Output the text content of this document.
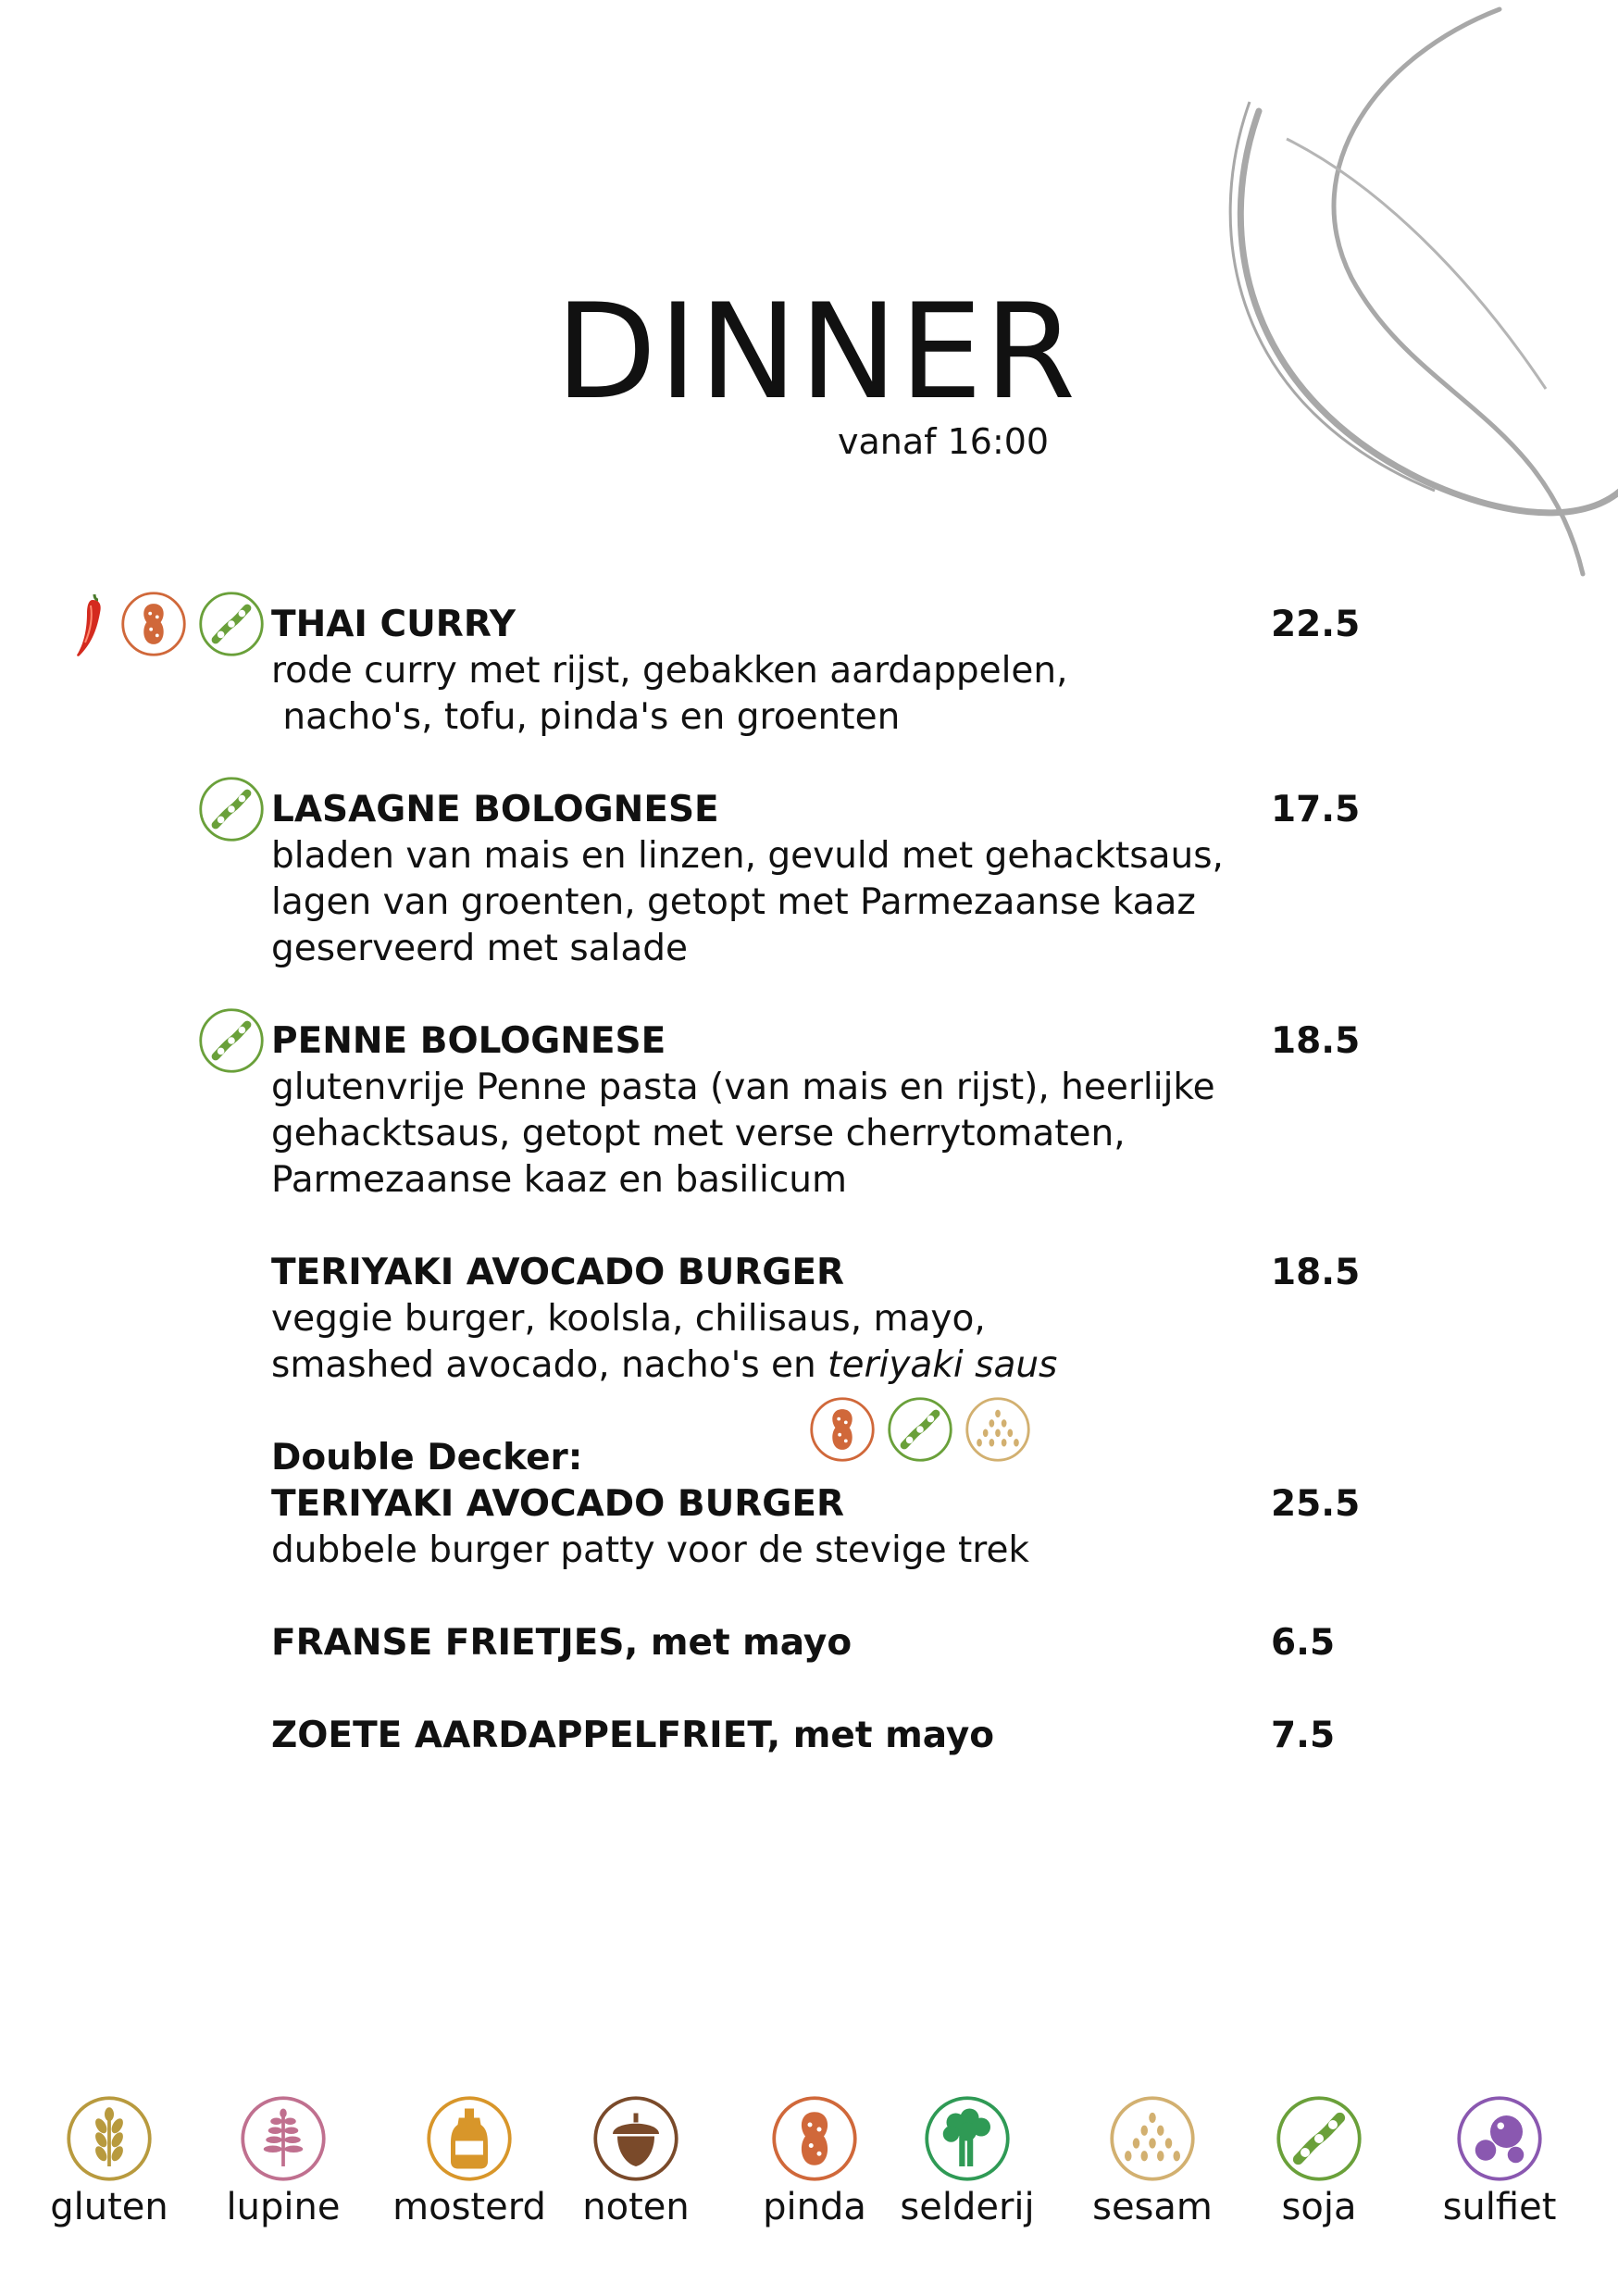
DINNER
vanaf 16:00
THAI CURRY	22.5
rode curry met rijst, gebakken aardappelen,
nacho's, tofu, pinda's en groenten
LASAGNE BOLOGNESE	17.5
bladen van mais en linzen, gevuld met gehacktsaus,
lagen van groenten, getopt met Parmezaanse kaaz
geserveerd met salade
PENNE BOLOGNESE	18.5
glutenvrije Penne pasta (van mais en rijst), heerlijke
gehacktsaus, getopt met verse cherrytomaten,
Parmezaanse kaaz en basilicum
TERIYAKI AVOCADO BURGER	18.5
veggie burger, koolsla, chilisaus, mayo,
smashed avocado, nacho's en teriyaki saus
Double Decker:
TERIYAKI AVOCADO BURGER	25.5
dubbele burger patty voor de stevige trek
FRANSE FRIETJES, met mayo	6.5
ZOETE AARDAPPELFRIET, met mayo	7.5
gluten	lupine	mosterd noten	pinda selderij	sesam	soja	sulfiet
